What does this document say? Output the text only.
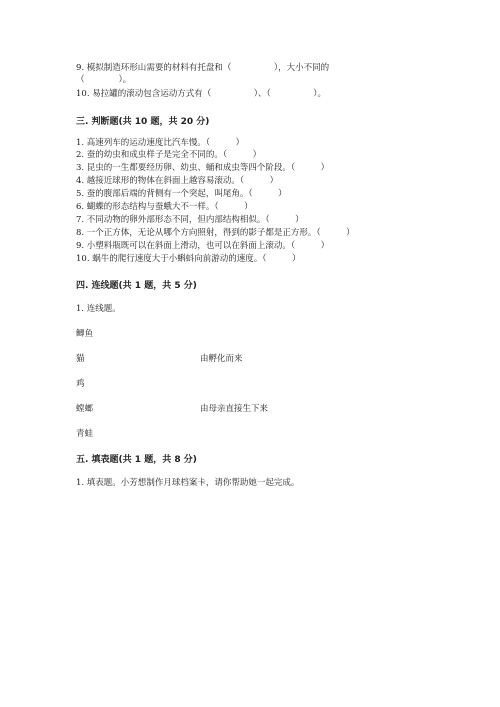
9. 模拟制造环形山需要的材料有托盘和（　　　　　），大小不同的
（　　　　）。
10. 易拉罐的滚动包含运动方式有（　　　　　）、（　　　　　）。
三. 判断题(共 10 题，共 20 分)
1. 高速列车的运动速度比汽车慢。（　　　）
2. 蚕的幼虫和成虫样子是完全不同的。（　　　）
3. 昆虫的一生都要经历卵、幼虫、蛹和成虫等四个阶段。（　　　）
4. 越接近球形的物体在斜面上越容易滚动。（　　　）
5. 蚕的腹部后端的背侧有一个突起，叫尾角。（　　　）
6. 蝴蝶的形态结构与蚕蛾大不一样。（　　　）
7. 不同动物的卵外部形态不同，但内部结构相似。（　　　）
8. 一个正方体，无论从哪个方向照射，得到的影子都是正方形。（　　　）
9. 小塑料瓶既可以在斜面上滑动，也可以在斜面上滚动。（　　　）
10. 蜗牛的爬行速度大于小蝌蚪向前游动的速度。（　　　）
四. 连线题(共 1 题，共 5 分)
1. 连线题。
鲫鱼
猫
鸡
螳螂
青蛙
由孵化而来
由母亲直接生下来
五. 填表题(共 1 题，共 8 分)
1. 填表题。小芳想制作月球档案卡，请你帮助她一起完成。
